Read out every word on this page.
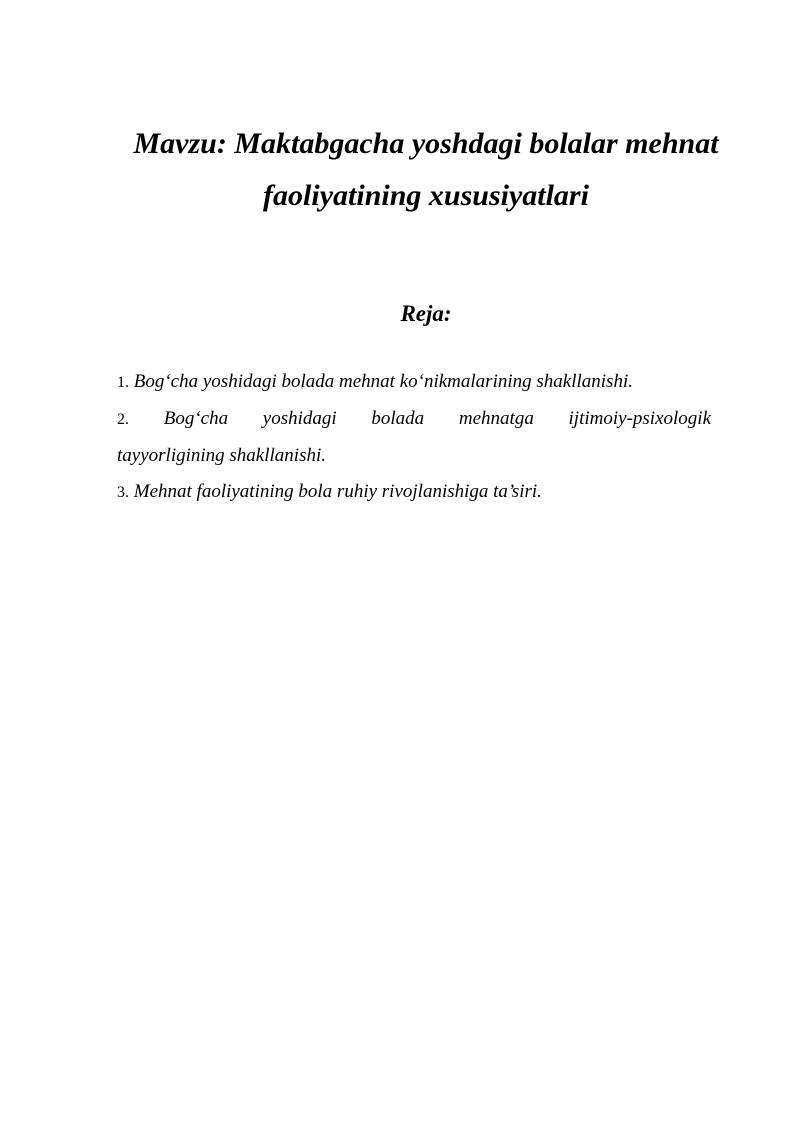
Mavzu: Maktabgacha yoshdagi bolalar mehnat
faoliyatining xususiyatlari
Reja:
1. Bog‘cha yoshidagi bolada mehnat ko‘nikmalarining shakllanishi.
2. Bog‘cha yoshidagi bolada mehnatga ijtimoiy-psixologik
tayyorligining shakllanishi.
3. Mehnat faoliyatining bola ruhiy rivojlanishiga ta’siri.
